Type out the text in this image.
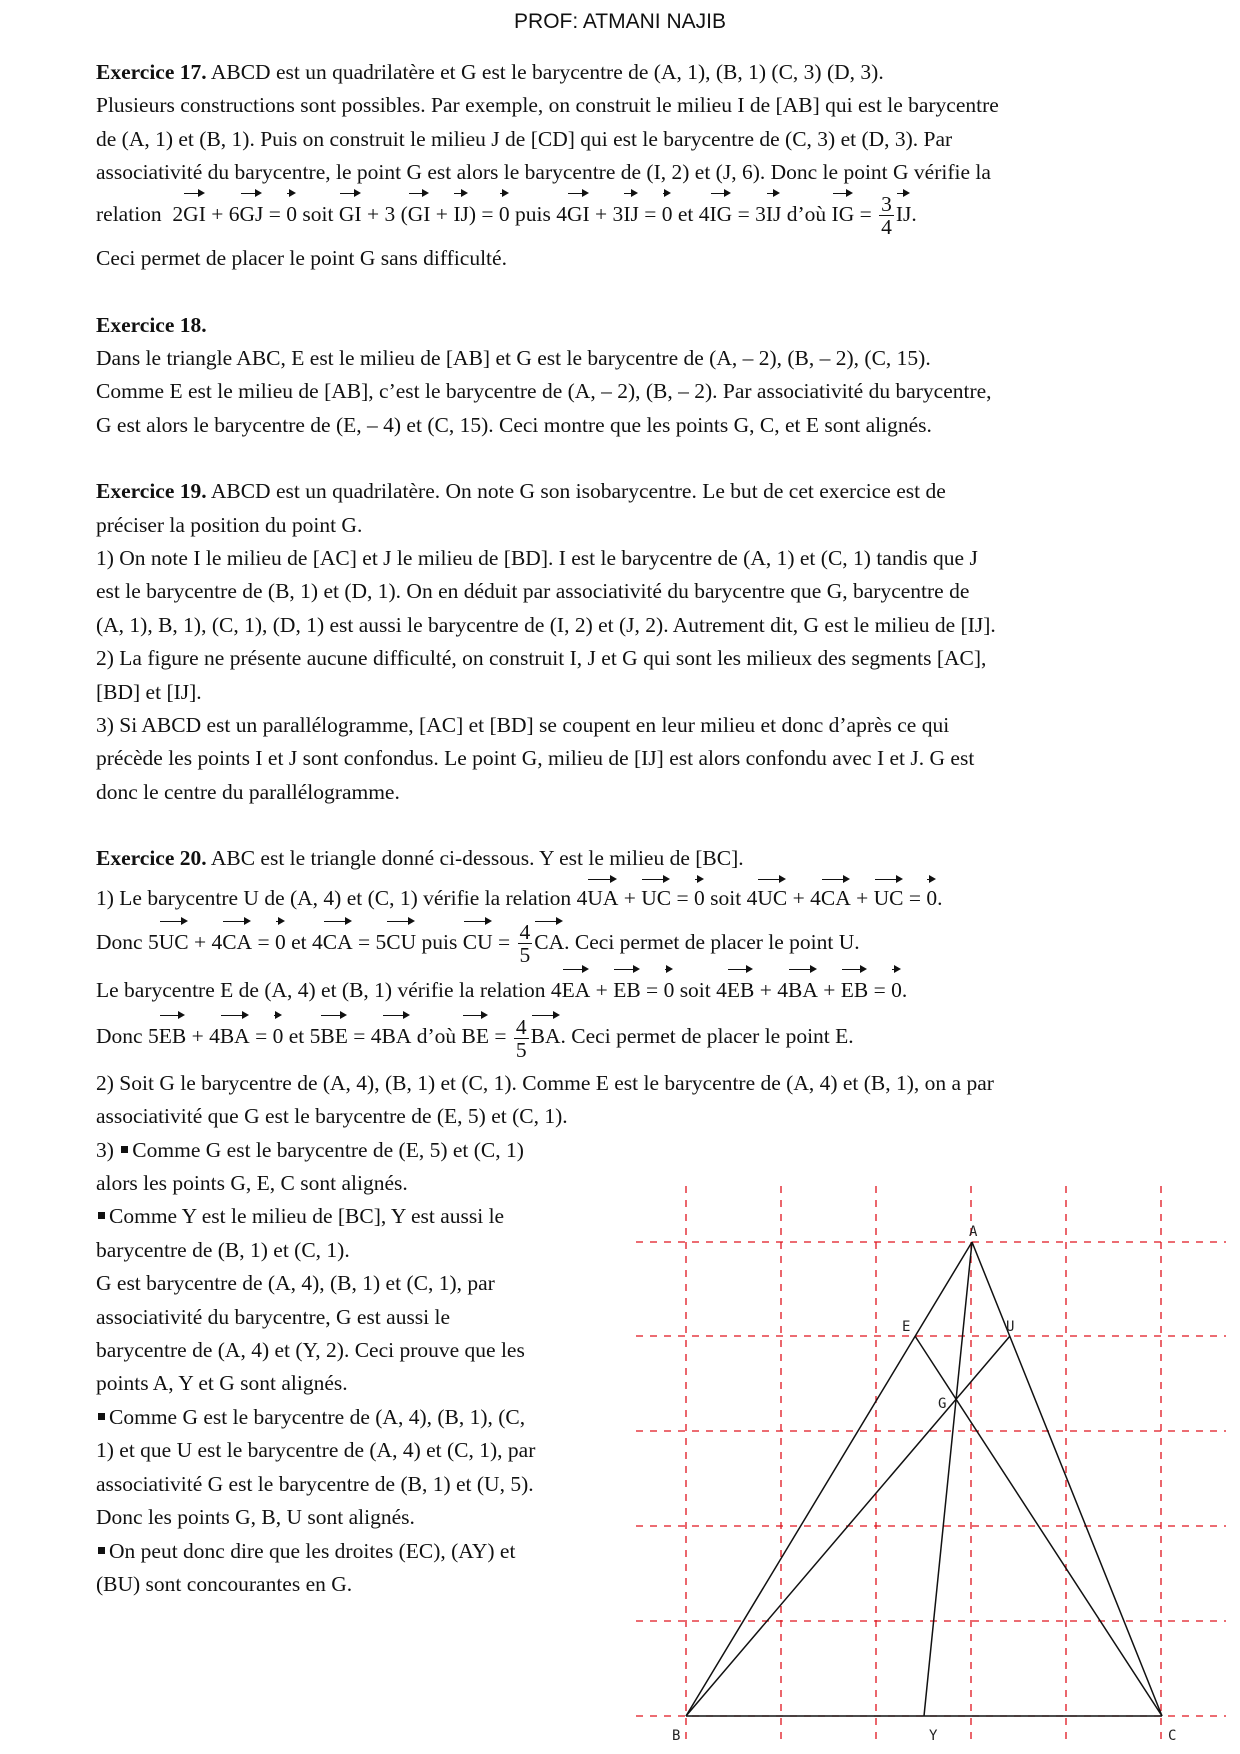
PROF: ATMANI NAJIB

Exercice 17. ABCD est un quadrilatère et G est le barycentre de (A, 1), (B, 1) (C, 3) (D, 3).

Plusieurs constructions sont possibles. Par exemple, on construit le milieu I de [AB] qui est le barycentre

de (A, 1) et (B, 1). Puis on construit le milieu J de [CD] qui est le barycentre de (C, 3) et (D, 3). Par

associativité du barycentre, le point G est alors le barycentre de (I, 2) et (J, 6). Donc le point G vérifie la

relation 2GI + 6GJ = 0 soit GI + 3 (GI + IJ) = 0 puis 4GI + 3IJ = 0 et 4IG = 3IJ d’où IG = $\frac{3}{4}$ IJ.

Ceci permet de placer le point G sans difficulté.

Exercice 18.

Dans le triangle ABC, E est le milieu de [AB] et G est le barycentre de (A, – 2), (B, – 2), (C, 15).

Comme E est le milieu de [AB], c’est le barycentre de (A, – 2), (B, – 2). Par associativité du barycentre,

G est alors le barycentre de (E, – 4) et (C, 15). Ceci montre que les points G, C, et E sont alignés.

Exercice 19. ABCD est un quadrilatère. On note G son isobarycentre. Le but de cet exercice est de

préciser la position du point G.

1) On note I le milieu de [AC] et J le milieu de [BD]. I est le barycentre de (A, 1) et (C, 1) tandis que J

est le barycentre de (B, 1) et (D, 1). On en déduit par associativité du barycentre que G, barycentre de

(A, 1), B, 1), (C, 1), (D, 1) est aussi le barycentre de (I, 2) et (J, 2). Autrement dit, G est le milieu de [IJ].

2) La figure ne présente aucune difficulté, on construit I, J et G qui sont les milieux des segments [AC],

[BD] et [IJ].

3) Si ABCD est un parallélogramme, [AC] et [BD] se coupent en leur milieu et donc d’après ce qui

précède les points I et J sont confondus. Le point G, milieu de [IJ] est alors confondu avec I et J. G est

donc le centre du parallélogramme.

Exercice 20. ABC est le triangle donné ci-dessous. Y est le milieu de [BC].

1) Le barycentre U de (A, 4) et (C, 1) vérifie la relation 4UA + UC = 0 soit 4UC + 4CA + UC = 0.

Donc 5UC + 4CA = 0 et 4CA = 5CU puis CU = $\frac{4}{5}$ CA. Ceci permet de placer le point U.

Le barycentre E de (A, 4) et (B, 1) vérifie la relation 4EA + EB = 0 soit 4EB + 4BA + EB = 0.

Donc 5EB + 4BA = 0 et 5BE = 4BA d’où BE = $\frac{4}{5}$ BA. Ceci permet de placer le point E.

2) Soit G le barycentre de (A, 4), (B, 1) et (C, 1). Comme E est le barycentre de (A, 4) et (B, 1), on a par

associativité que G est le barycentre de (E, 5) et (C, 1).

3) Comme G est le barycentre de (E, 5) et (C, 1)

alors les points G, E, C sont alignés.

Comme Y est le milieu de [BC], Y est aussi le

barycentre de (B, 1) et (C, 1).

G est barycentre de (A, 4), (B, 1) et (C, 1), par

associativité du barycentre, G est aussi le

barycentre de (A, 4) et (Y, 2). Ceci prouve que les

points A, Y et G sont alignés.

Comme G est le barycentre de (A, 4), (B, 1), (C,

1) et que U est le barycentre de (A, 4) et (C, 1), par

associativité G est le barycentre de (B, 1) et (U, 5).

Donc les points G, B, U sont alignés.

On peut donc dire que les droites (EC), (AY) et

(BU) sont concourantes en G.

A
E	U
G
B	Y	C
